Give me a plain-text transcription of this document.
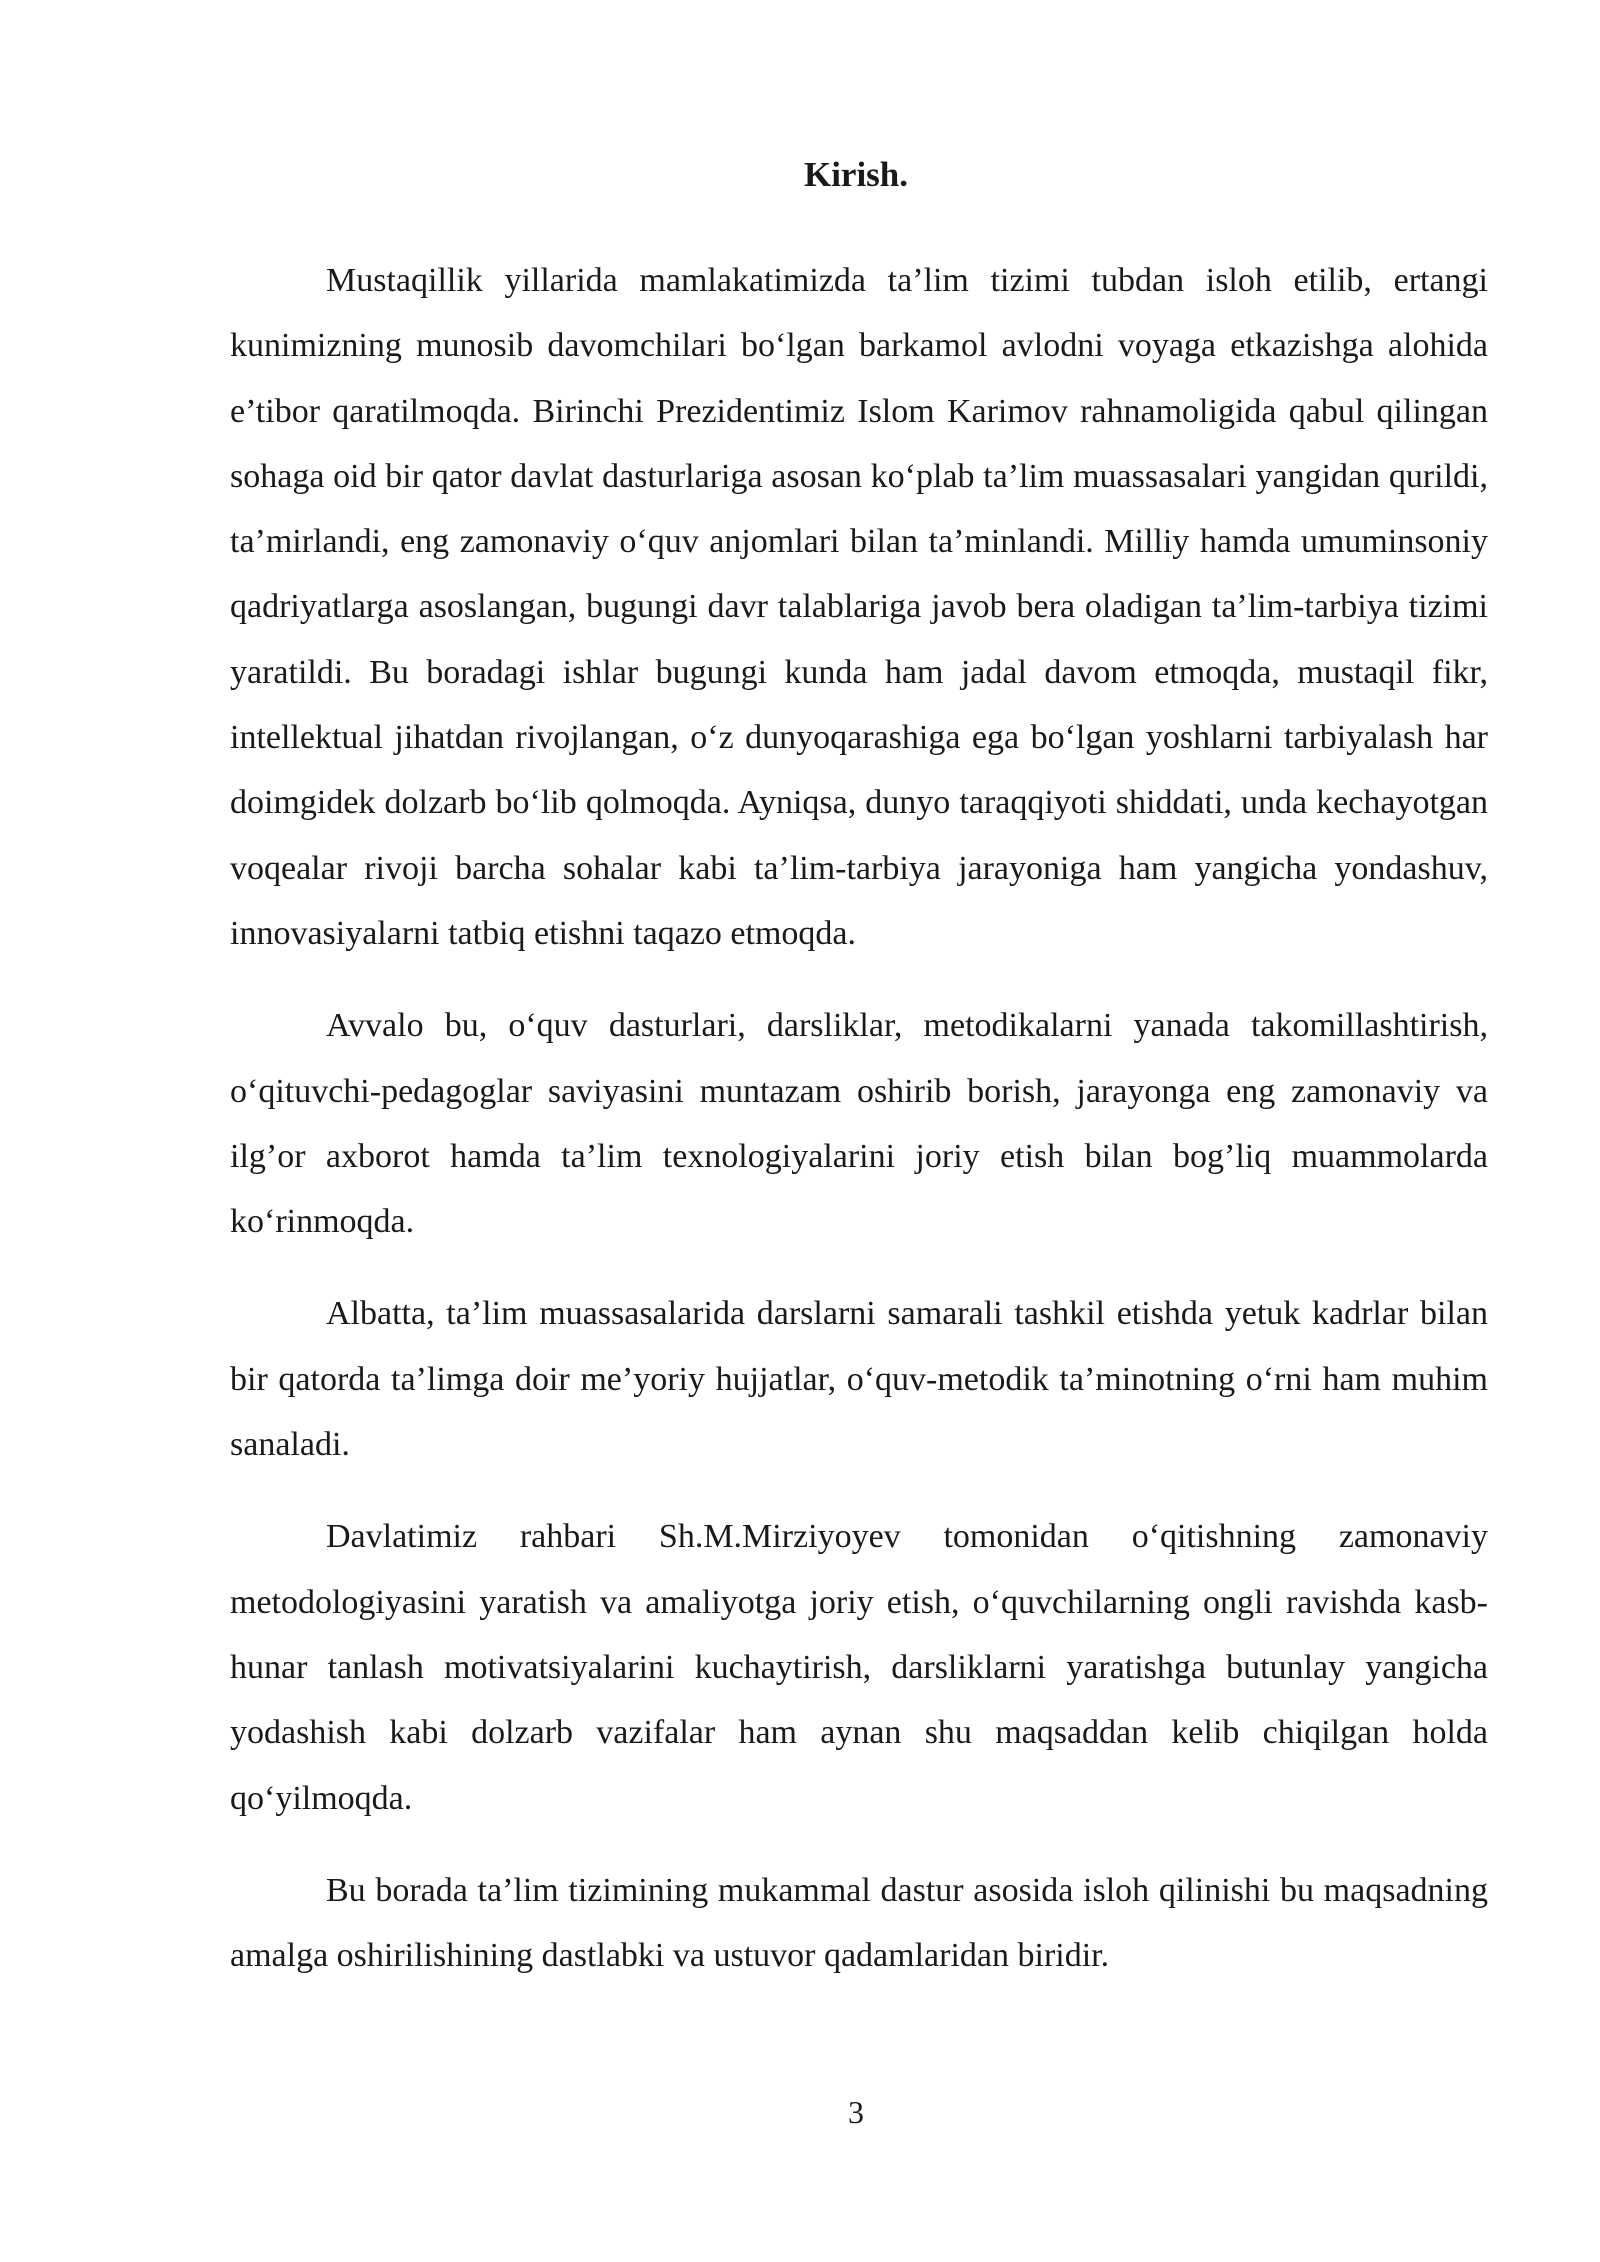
Kirish.

Mustaqillik yillarida mamlakatimizda ta’lim tizimi tubdan isloh etilib, ertangi kunimizning munosib davomchilari bo‘lgan barkamol avlodni voyaga etkazishga alohida e’tibor qaratilmoqda. Birinchi Prezidentimiz Islom Karimov rahnamoligida qabul qilingan sohaga oid bir qator davlat dasturlariga asosan ko‘plab ta’lim muassasalari yangidan qurildi, ta’mirlandi, eng zamonaviy o‘quv anjomlari bilan ta’minlandi. Milliy hamda umuminsoniy qadriyatlarga asoslangan, bugungi davr talablariga javob bera oladigan ta’lim-tarbiya tizimi yaratildi. Bu boradagi ishlar bugungi kunda ham jadal davom etmoqda, mustaqil fikr, intellektual jihatdan rivojlangan, o‘z dunyoqarashiga ega bo‘lgan yoshlarni tarbiyalash har doimgidek dolzarb bo‘lib qolmoqda. Ayniqsa, dunyo taraqqiyoti shiddati, unda kechayotgan voqealar rivoji barcha sohalar kabi ta’lim-tarbiya jarayoniga ham yangicha yondashuv, innovasiyalarni tatbiq etishni taqazo etmoqda.

Avvalo bu, o‘quv dasturlari, darsliklar, metodikalarni yanada takomillashtirish, o‘qituvchi-pedagoglar saviyasini muntazam oshirib borish, jarayonga eng zamonaviy va ilg’or axborot hamda ta’lim texnologiyalarini joriy etish bilan bog’liq muammolarda ko‘rinmoqda.

Albatta, ta’lim muassasalarida darslarni samarali tashkil etishda yetuk kadrlar bilan bir qatorda ta’limga doir me’yoriy hujjatlar, o‘quv-metodik ta’minotning o‘rni ham muhim sanaladi.

Davlatimiz rahbari Sh.M.Mirziyoyev tomonidan o‘qitishning zamonaviy metodologiyasini yaratish va amaliyotga joriy etish, o‘quvchilarning ongli ravishda kasb-hunar tanlash motivatsiyalarini kuchaytirish, darsliklarni yaratishga butunlay yangicha yodashish kabi dolzarb vazifalar ham aynan shu maqsaddan kelib chiqilgan holda qo‘yilmoqda.

Bu borada ta’lim tizimining mukammal dastur asosida isloh qilinishi bu maqsadning amalga oshirilishining dastlabki va ustuvor qadamlaridan biridir.

3
